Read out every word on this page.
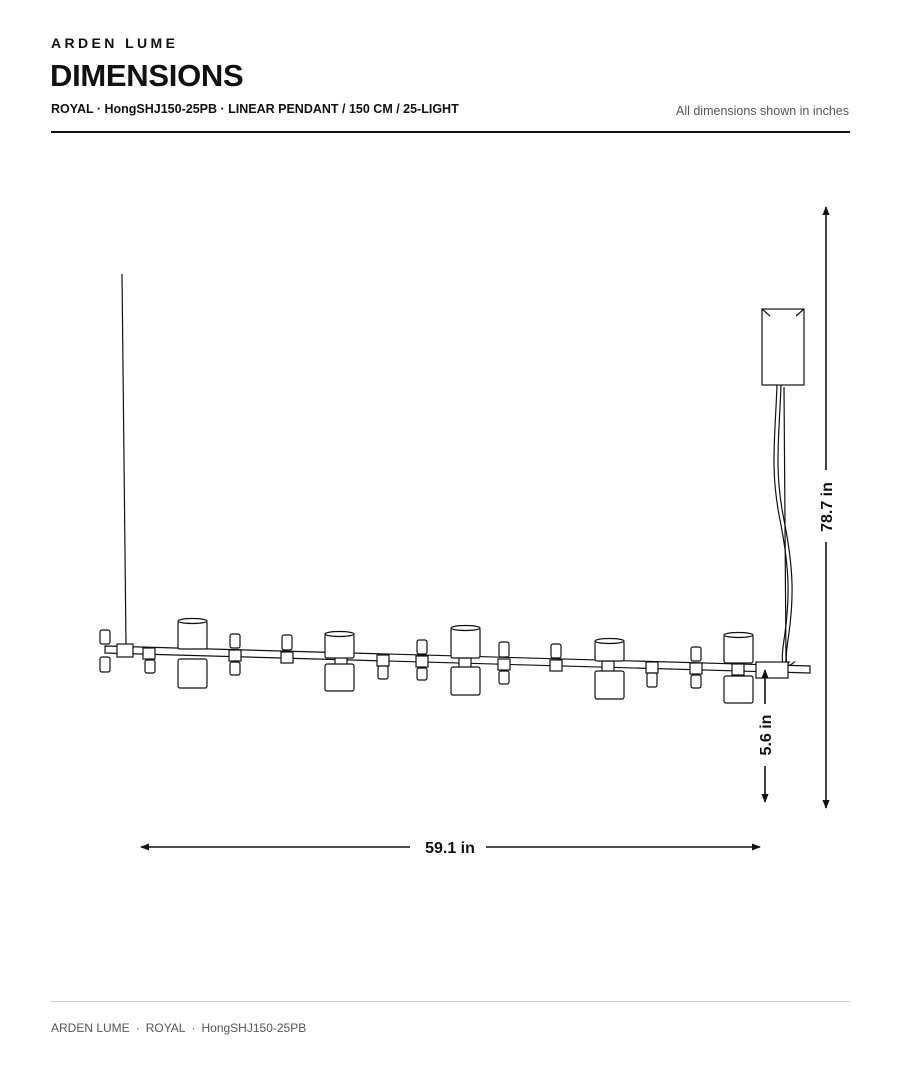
ARDEN LUME
DIMENSIONS
ROYAL · HongSHJ150-25PB · LINEAR PENDANT / 150 CM / 25-LIGHT	All dimensions shown in inches
78.7 in
5.6 in
59.1 in
ARDEN LUME · ROYAL · HongSHJ150-25PB
